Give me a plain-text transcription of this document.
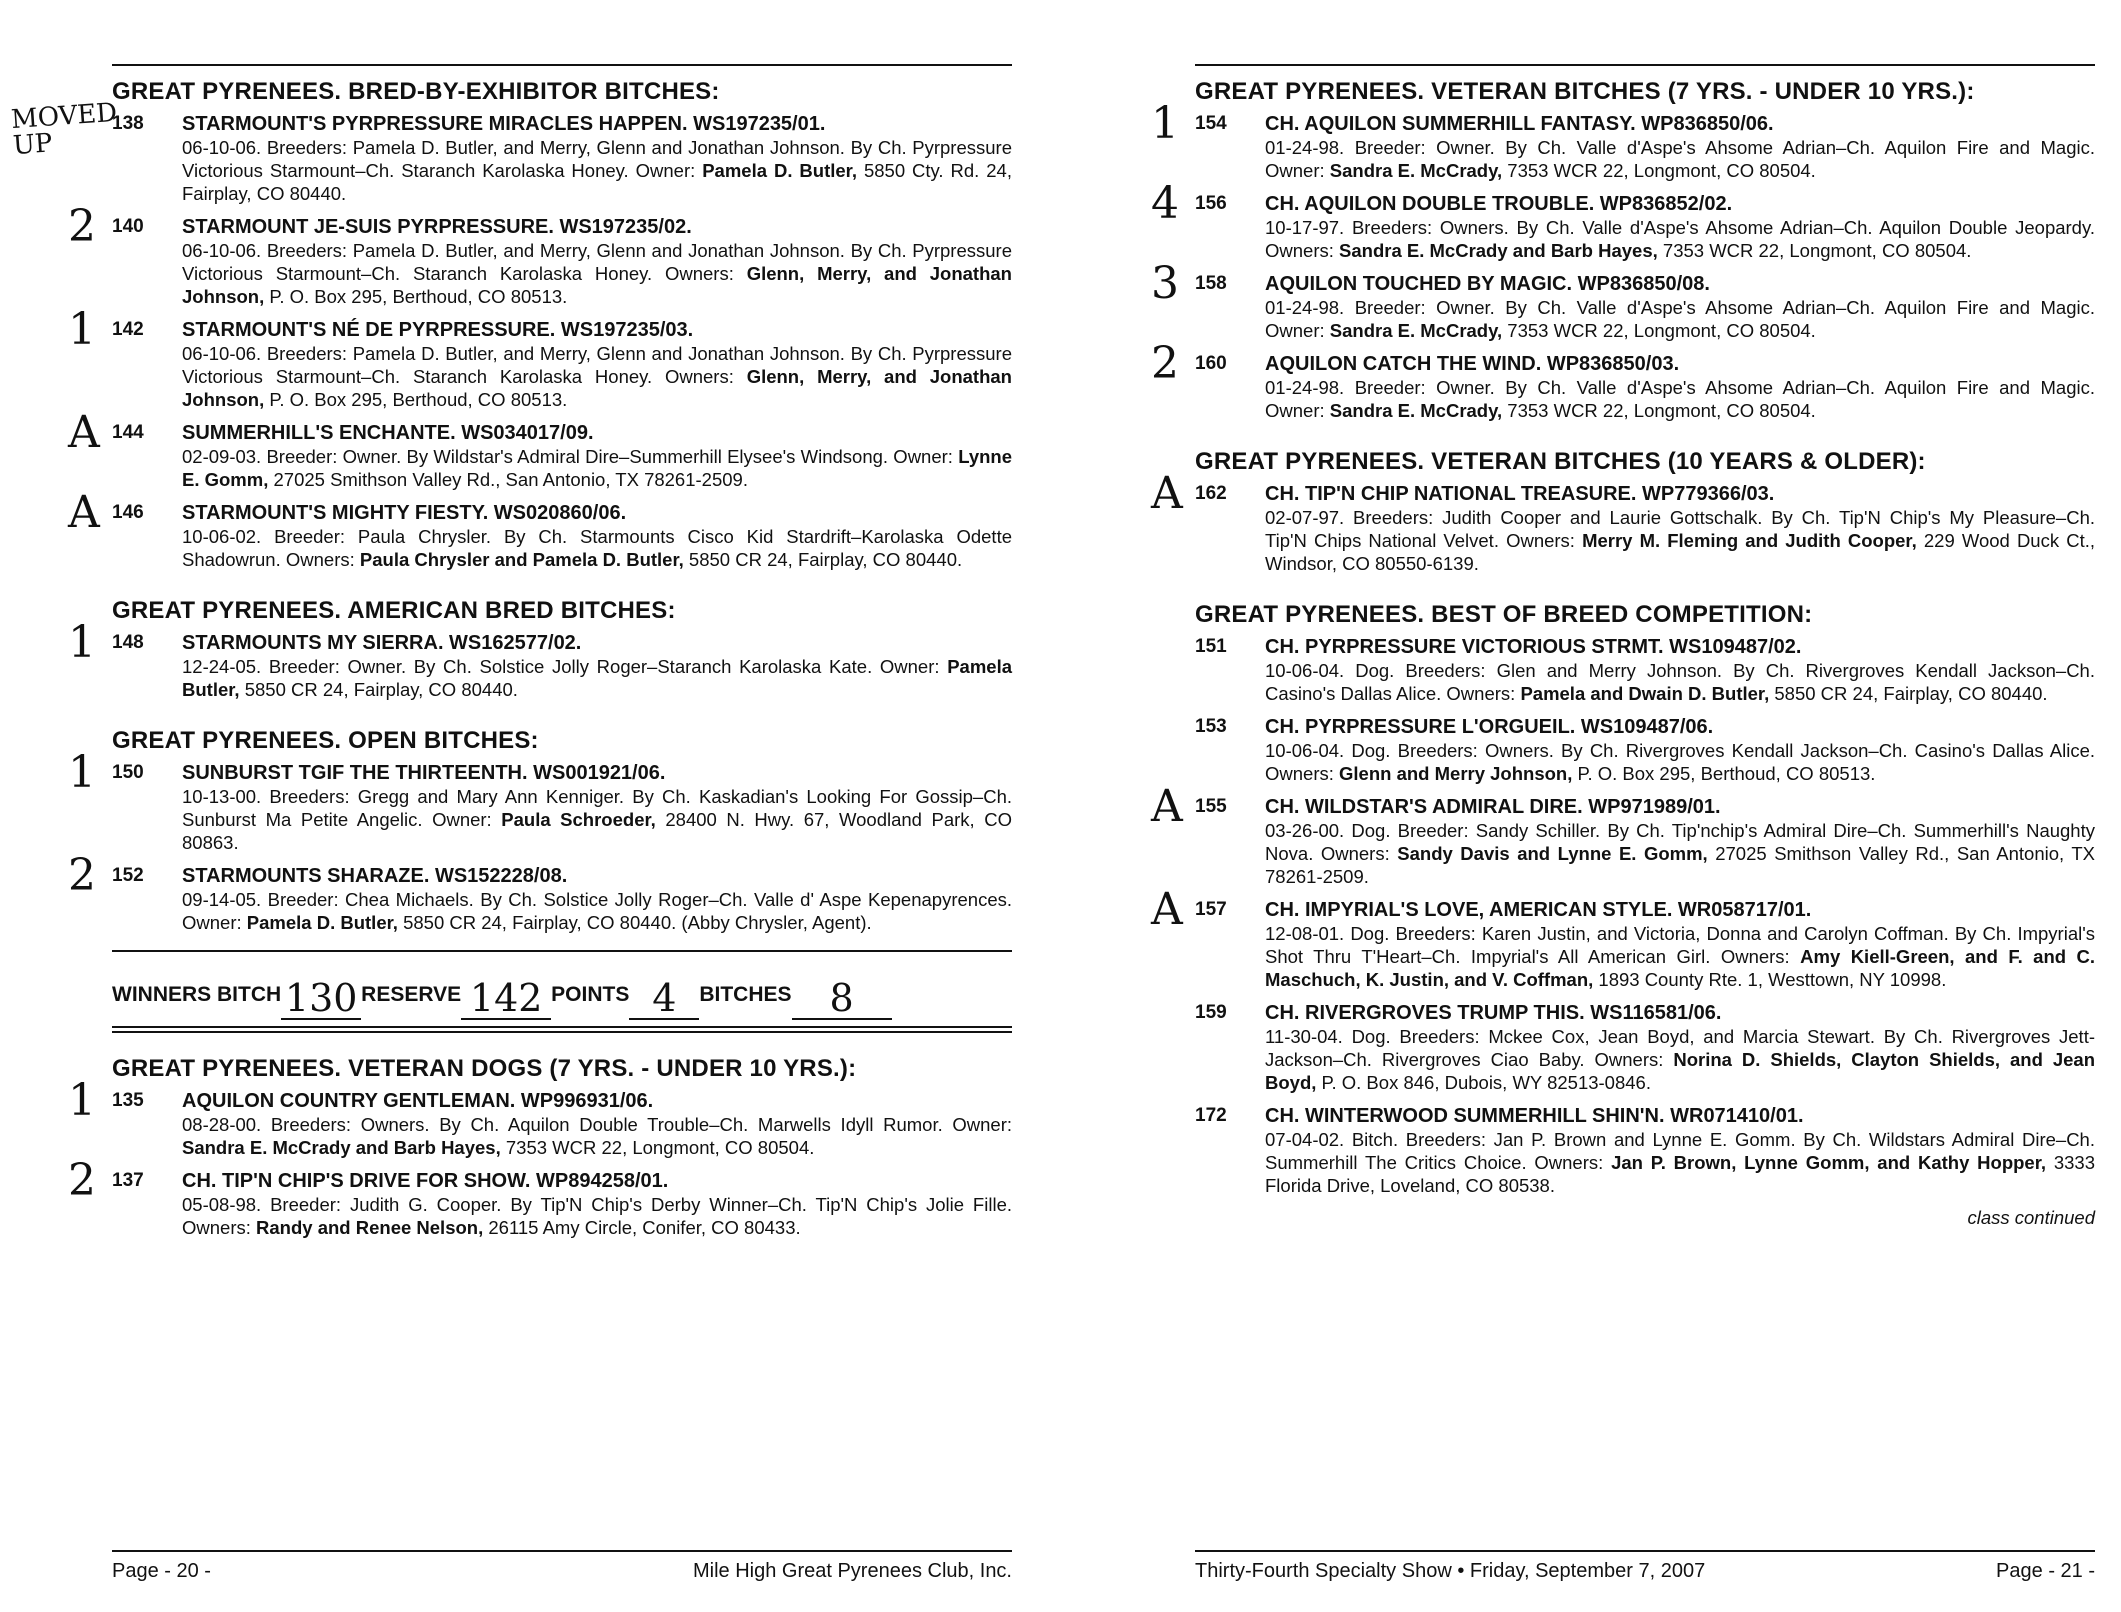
GREAT PYRENEES. BRED-BY-EXHIBITOR BITCHES:
138 STARMOUNT'S PYRPRESSURE MIRACLES HAPPEN. WS197235/01.
06-10-06. Breeders: Pamela D. Butler, and Merry, Glenn and Jonathan Johnson. By Ch. Pyrpressure Victorious Starmount–Ch. Staranch Karolaska Honey. Owner: Pamela D. Butler, 5850 Cty. Rd. 24, Fairplay, CO 80440.
2 140 STARMOUNT JE-SUIS PYRPRESSURE. WS197235/02.
06-10-06. Breeders: Pamela D. Butler, and Merry, Glenn and Jonathan Johnson. By Ch. Pyrpressure Victorious Starmount–Ch. Staranch Karolaska Honey. Owners: Glenn, Merry, and Jonathan Johnson, P. O. Box 295, Berthoud, CO 80513.
1 142 STARMOUNT'S NÉ DE PYRPRESSURE. WS197235/03.
06-10-06. Breeders: Pamela D. Butler, and Merry, Glenn and Jonathan Johnson. By Ch. Pyrpressure Victorious Starmount–Ch. Staranch Karolaska Honey. Owners: Glenn, Merry, and Jonathan Johnson, P. O. Box 295, Berthoud, CO 80513.
A 144 SUMMERHILL'S ENCHANTE. WS034017/09.
02-09-03. Breeder: Owner. By Wildstar's Admiral Dire–Summerhill Elysee's Windsong. Owner: Lynne E. Gomm, 27025 Smithson Valley Rd., San Antonio, TX 78261-2509.
A 146 STARMOUNT'S MIGHTY FIESTY. WS020860/06.
10-06-02. Breeder: Paula Chrysler. By Ch. Starmounts Cisco Kid Stardrift–Karolaska Odette Shadowrun. Owners: Paula Chrysler and Pamela D. Butler, 5850 CR 24, Fairplay, CO 80440.
GREAT PYRENEES. AMERICAN BRED BITCHES:
1 148 STARMOUNTS MY SIERRA. WS162577/02.
12-24-05. Breeder: Owner. By Ch. Solstice Jolly Roger–Staranch Karolaska Kate. Owner: Pamela Butler, 5850 CR 24, Fairplay, CO 80440.
GREAT PYRENEES. OPEN BITCHES:
1 150 SUNBURST TGIF THE THIRTEENTH. WS001921/06.
10-13-00. Breeders: Gregg and Mary Ann Kenniger. By Ch. Kaskadian's Looking For Gossip–Ch. Sunburst Ma Petite Angelic. Owner: Paula Schroeder, 28400 N. Hwy. 67, Woodland Park, CO 80863.
2 152 STARMOUNTS SHARAZE. WS152228/08.
09-14-05. Breeder: Chea Michaels. By Ch. Solstice Jolly Roger–Ch. Valle d' Aspe Kepenapyrences. Owner: Pamela D. Butler, 5850 CR 24, Fairplay, CO 80440. (Abby Chrysler, Agent).
MOVED UP
WINNERS BITCH 130 RESERVE 142 POINTS 4	BITCHES 8
GREAT PYRENEES. VETERAN DOGS (7 YRS. - UNDER 10 YRS.):
1 135 AQUILON COUNTRY GENTLEMAN. WP996931/06.
08-28-00. Breeders: Owners. By Ch. Aquilon Double Trouble–Ch. Marwells Idyll Rumor. Owner: Sandra E. McCrady and Barb Hayes, 7353 WCR 22, Longmont, CO 80504.
2 137 CH. TIP'N CHIP'S DRIVE FOR SHOW. WP894258/01.
05-08-98. Breeder: Judith G. Cooper. By Tip'N Chip's Derby Winner–Ch. Tip'N Chip's Jolie Fille. Owners: Randy and Renee Nelson, 26115 Amy Circle, Conifer, CO 80433.
Page - 20 -	Mile High Great Pyrenees Club, Inc.
GREAT PYRENEES. VETERAN BITCHES (7 YRS. - UNDER 10 YRS.):
1 154 CH. AQUILON SUMMERHILL FANTASY. WP836850/06.
01-24-98. Breeder: Owner. By Ch. Valle d'Aspe's Ahsome Adrian–Ch. Aquilon Fire and Magic. Owner: Sandra E. McCrady, 7353 WCR 22, Longmont, CO 80504.
4 156 CH. AQUILON DOUBLE TROUBLE. WP836852/02.
10-17-97. Breeders: Owners. By Ch. Valle d'Aspe's Ahsome Adrian–Ch. Aquilon Double Jeopardy. Owners: Sandra E. McCrady and Barb Hayes, 7353 WCR 22, Longmont, CO 80504.
3 158 AQUILON TOUCHED BY MAGIC. WP836850/08.
01-24-98. Breeder: Owner. By Ch. Valle d'Aspe's Ahsome Adrian–Ch. Aquilon Fire and Magic. Owner: Sandra E. McCrady, 7353 WCR 22, Longmont, CO 80504.
2 160 AQUILON CATCH THE WIND. WP836850/03.
01-24-98. Breeder: Owner. By Ch. Valle d'Aspe's Ahsome Adrian–Ch. Aquilon Fire and Magic. Owner: Sandra E. McCrady, 7353 WCR 22, Longmont, CO 80504.
GREAT PYRENEES. VETERAN BITCHES (10 YEARS & OLDER):
A 162 CH. TIP'N CHIP NATIONAL TREASURE. WP779366/03.
02-07-97. Breeders: Judith Cooper and Laurie Gottschalk. By Ch. Tip'N Chip's My Pleasure–Ch. Tip'N Chips National Velvet. Owners: Merry M. Fleming and Judith Cooper, 229 Wood Duck Ct., Windsor, CO 80550-6139.
GREAT PYRENEES. BEST OF BREED COMPETITION:
151 CH. PYRPRESSURE VICTORIOUS STRMT. WS109487/02.
10-06-04. Dog. Breeders: Glen and Merry Johnson. By Ch. Rivergroves Kendall Jackson–Ch. Casino's Dallas Alice. Owners: Pamela and Dwain D. Butler, 5850 CR 24, Fairplay, CO 80440.
153 CH. PYRPRESSURE L'ORGUEIL. WS109487/06.
10-06-04. Dog. Breeders: Owners. By Ch. Rivergroves Kendall Jackson–Ch. Casino's Dallas Alice. Owners: Glenn and Merry Johnson, P. O. Box 295, Berthoud, CO 80513.
A 155 CH. WILDSTAR'S ADMIRAL DIRE. WP971989/01.
03-26-00. Dog. Breeder: Sandy Schiller. By Ch. Tip'nchip's Admiral Dire–Ch. Summerhill's Naughty Nova. Owners: Sandy Davis and Lynne E. Gomm, 27025 Smithson Valley Rd., San Antonio, TX 78261-2509.
A 157 CH. IMPYRIAL'S LOVE, AMERICAN STYLE. WR058717/01.
12-08-01. Dog. Breeders: Karen Justin, and Victoria, Donna and Carolyn Coffman. By Ch. Impyrial's Shot Thru T'Heart–Ch. Impyrial's All American Girl. Owners: Amy Kiell-Green, and F. and C. Maschuch, K. Justin, and V. Coffman, 1893 County Rte. 1, Westtown, NY 10998.
159 CH. RIVERGROVES TRUMP THIS. WS116581/06.
11-30-04. Dog. Breeders: Mckee Cox, Jean Boyd, and Marcia Stewart. By Ch. Rivergroves Jett-Jackson–Ch. Rivergroves Ciao Baby. Owners: Norina D. Shields, Clayton Shields, and Jean Boyd, P. O. Box 846, Dubois, WY 82513-0846.
172 CH. WINTERWOOD SUMMERHILL SHIN'N. WR071410/01.
07-04-02. Bitch. Breeders: Jan P. Brown and Lynne E. Gomm. By Ch. Wildstars Admiral Dire–Ch. Summerhill The Critics Choice. Owners: Jan P. Brown, Lynne Gomm, and Kathy Hopper, 3333 Florida Drive, Loveland, CO 80538.
class continued
Thirty-Fourth Specialty Show • Friday, September 7, 2007	Page - 21 -
